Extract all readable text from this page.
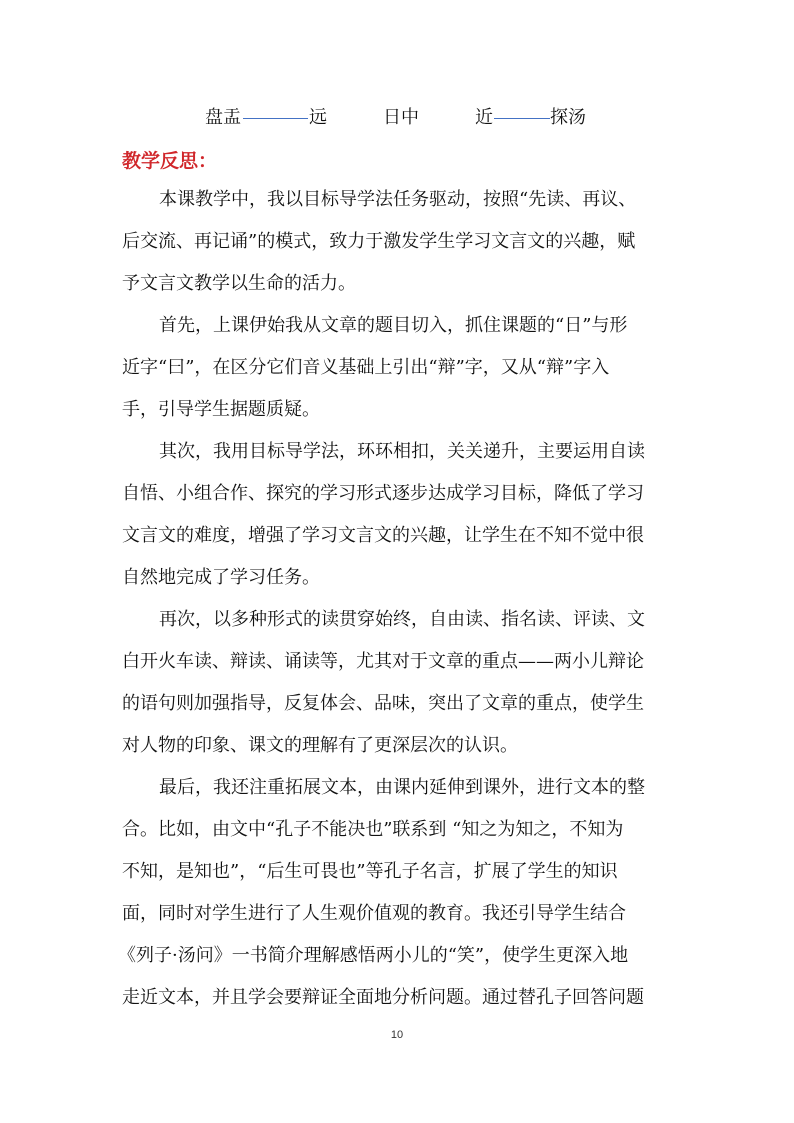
盘盂	远	日中	近	探汤
教学反思：
本课教学中，我以目标导学法任务驱动，按照“先读、再议、
后交流、再记诵”的模式，致力于激发学生学习文言文的兴趣，赋
予文言文教学以生命的活力。
首先，上课伊始我从文章的题目切入，抓住课题的“日”与形
近字“曰”，在区分它们音义基础上引出“辩”字，又从“辩”字入
手，引导学生据题质疑。
其次，我用目标导学法，环环相扣，关关递升，主要运用自读
自悟、小组合作、探究的学习形式逐步达成学习目标，降低了学习
文言文的难度，增强了学习文言文的兴趣，让学生在不知不觉中很
自然地完成了学习任务。
再次，以多种形式的读贯穿始终，自由读、指名读、评读、文
白开火车读、辩读、诵读等，尤其对于文章的重点——两小儿辩论
的语句则加强指导，反复体会、品味，突出了文章的重点，使学生
对人物的印象、课文的理解有了更深层次的认识。
最后，我还注重拓展文本，由课内延伸到课外，进行文本的整
合。比如，由文中“孔子不能决也”联系到 “知之为知之，不知为
不知，是知也”，“后生可畏也”等孔子名言，扩展了学生的知识
面，同时对学生进行了人生观价值观的教育。我还引导学生结合
《列子·汤问》一书简介理解感悟两小儿的“笑”，使学生更深入地
走近文本，并且学会要辩证全面地分析问题。通过替孔子回答问题
10
